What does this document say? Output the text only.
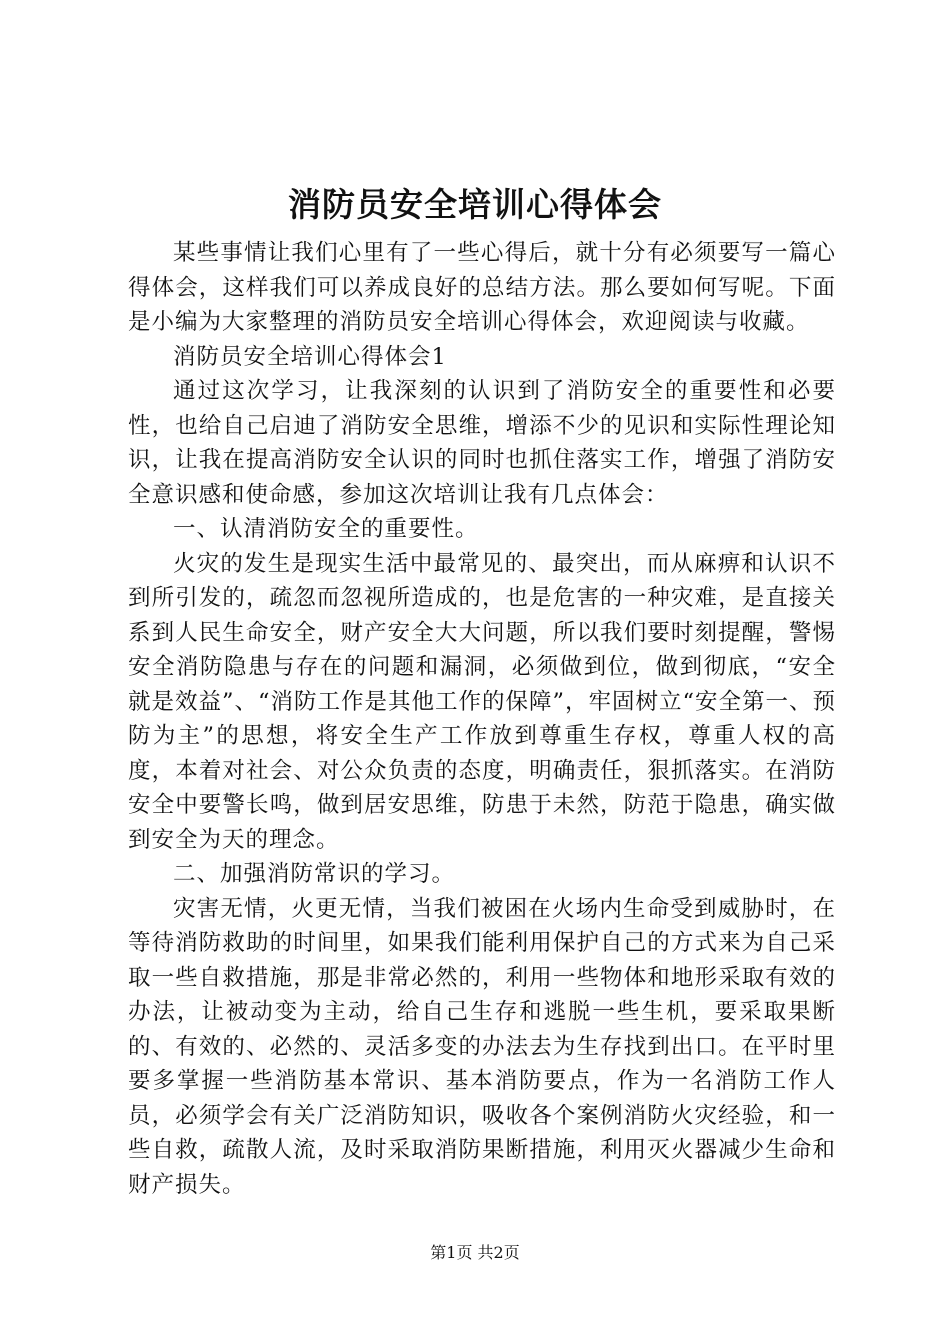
消防员安全培训心得体会

某些事情让我们心里有了一些心得后，就十分有必须要写一篇心得体会，这样我们可以养成良好的总结方法。那么要如何写呢。下面是小编为大家整理的消防员安全培训心得体会，欢迎阅读与收藏。

消防员安全培训心得体会1

通过这次学习，让我深刻的认识到了消防安全的重要性和必要性，也给自己启迪了消防安全思维，增添不少的见识和实际性理论知识，让我在提高消防安全认识的同时也抓住落实工作，增强了消防安全意识感和使命感，参加这次培训让我有几点体会：

一、认清消防安全的重要性。

火灾的发生是现实生活中最常见的、最突出，而从麻痹和认识不到所引发的，疏忽而忽视所造成的，也是危害的一种灾难，是直接关系到人民生命安全，财产安全大大问题，所以我们要时刻提醒，警惕安全消防隐患与存在的问题和漏洞，必须做到位，做到彻底，“安全就是效益”、“消防工作是其他工作的保障”，牢固树立“安全第一、预防为主”的思想，将安全生产工作放到尊重生存权，尊重人权的高度，本着对社会、对公众负责的态度，明确责任，狠抓落实。在消防安全中要警长鸣，做到居安思维，防患于未然，防范于隐患，确实做到安全为天的理念。

二、加强消防常识的学习。

灾害无情，火更无情，当我们被困在火场内生命受到威胁时，在等待消防救助的时间里，如果我们能利用保护自己的方式来为自己采取一些自救措施，那是非常必然的，利用一些物体和地形采取有效的办法，让被动变为主动，给自己生存和逃脱一些生机，要采取果断的、有效的、必然的、灵活多变的办法去为生存找到出口。在平时里要多掌握一些消防基本常识、基本消防要点，作为一名消防工作人员，必须学会有关广泛消防知识，吸收各个案例消防火灾经验，和一些自救，疏散人流，及时采取消防果断措施，利用灭火器减少生命和财产损失。

第1页 共2页
